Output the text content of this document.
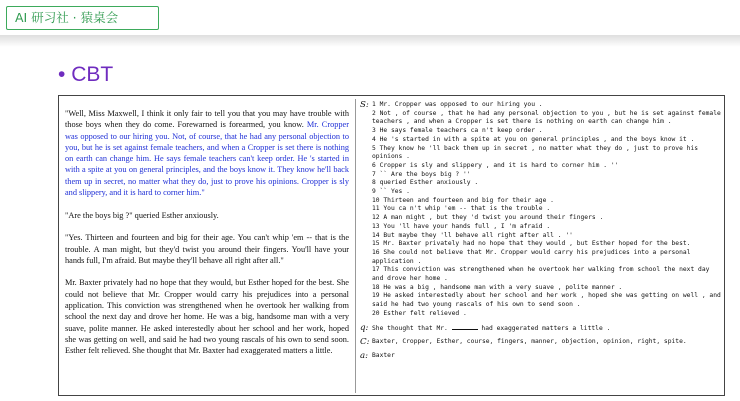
AI 研习社 · 猿桌会
• CBT

"Well, Miss Maxwell, I think it only fair to tell you that you may have trouble with those boys when they do come. Forewarned is forearmed, you know. Mr. Cropper was opposed to our hiring you. Not, of course, that he had any personal objection to you, but he is set against female teachers, and when a Cropper is set there is nothing on earth can change him. He says female teachers can't keep order. He 's started in with a spite at you on general principles, and the boys know it. They know he'll back them up in secret, no matter what they do, just to prove his opinions. Cropper is sly and slippery, and it is hard to corner him."

"Are the boys big ?" queried Esther anxiously.

"Yes. Thirteen and fourteen and big for their age. You can't whip 'em -- that is the trouble. A man might, but they'd twist you around their fingers. You'll have your hands full, I'm afraid. But maybe they'll behave all right after all."

Mr. Baxter privately had no hope that they would, but Esther hoped for the best. She could not believe that Mr. Cropper would carry his prejudices into a personal application. This conviction was strengthened when he overtook her walking from school the next day and drove her home. He was a big, handsome man with a very suave, polite manner. He asked interestedly about her school and her work, hoped she was getting on well, and said he had two young rascals of his own to send soon. Esther felt relieved. She thought that Mr. Baxter had exaggerated matters a little.

S: 1 Mr. Cropper was opposed to our hiring you .
2 Not , of course , that he had any personal objection to you , but he is set against female teachers , and when a Cropper is set there is nothing on earth can change him .
3 He says female teachers ca n't keep order .
4 He 's started in with a spite at you on general principles , and the boys know it .
5 They know he 'll back them up in secret , no matter what they do , just to prove his opinions .
6 Cropper is sly and slippery , and it is hard to corner him . ''
7 `` Are the boys big ? ''
8 queried Esther anxiously .
9 `` Yes .
10 Thirteen and fourteen and big for their age .
11 You ca n't whip 'em -- that is the trouble .
12 A man might , but they 'd twist you around their fingers .
13 You 'll have your hands full , I 'm afraid .
14 But maybe they 'll behave all right after all . ''
15 Mr. Baxter privately had no hope that they would , but Esther hoped for the best.
16 She could not believe that Mr. Cropper would carry his prejudices into a personal application .
17 This conviction was strengthened when he overtook her walking from school the next day and drove her home .
18 He was a big , handsome man with a very suave , polite manner .
19 He asked interestedly about her school and her work , hoped she was getting on well , and said he had two young rascals of his own to send soon .
20 Esther felt relieved .
q: She thought that Mr.	had exaggerated matters a little .
C: Baxter, Cropper, Esther, course, fingers, manner, objection, opinion, right, spite.
a: Baxter
